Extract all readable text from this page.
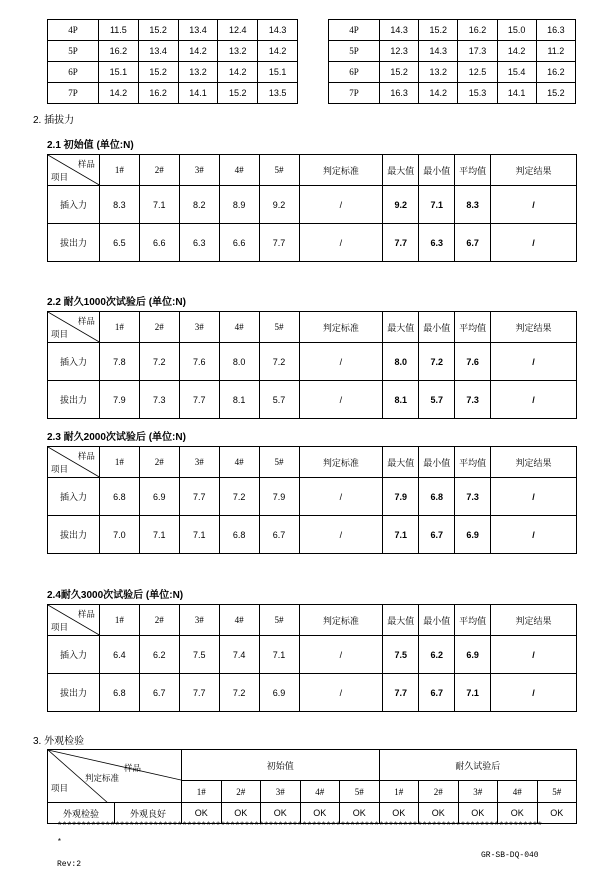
4P	11.5	15.2	13.4	12.4	14.3
5P	16.2	13.4	14.2	13.2	14.2
6P	15.1	15.2	13.2	14.2	15.1
7P	14.2	16.2	14.1	15.2	13.5
4P	14.3	15.2	16.2	15.0	16.3
5P	12.3	14.3	17.3	14.2	11.2
6P	15.2	13.2	12.5	15.4	16.2
7P	16.3	14.2	15.3	14.1	15.2
2. 插拔力
2.1 初始值 (单位:N)
样品
项目	1#	2#	3#	4#	5#	判定标准	最大值	最小值	平均值	判定结果
插入力	8.3	7.1	8.2	8.9	9.2	/	9.2	7.1	8.3	/
拔出力	6.5	6.6	6.3	6.6	7.7	/	7.7	6.3	6.7	/
2.2 耐久1000次试验后 (单位:N)
样品
项目	1#	2#	3#	4#	5#	判定标准	最大值	最小值	平均值	判定结果
插入力	7.8	7.2	7.6	8.0	7.2	/	8.0	7.2	7.6	/
拔出力	7.9	7.3	7.7	8.1	5.7	/	8.1	5.7	7.3	/
2.3 耐久2000次试验后 (单位:N)
样品
项目	1#	2#	3#	4#	5#	判定标准	最大值	最小值	平均值	判定结果
插入力	6.8	6.9	7.7	7.2	7.9	/	7.9	6.8	7.3	/
拔出力	7.0	7.1	7.1	6.8	6.7	/	7.1	6.7	6.9	/
2.4耐久3000次试验后 (单位:N)
样品
项目	1#	2#	3#	4#	5#	判定标准	最大值	最小值	平均值	判定结果
插入力	6.4	6.2	7.5	7.4	7.1	/	7.5	6.2	6.9	/
拔出力	6.8	6.7	7.7	7.2	6.9	/	7.7	6.7	7.1	/
3. 外观检验
样品
判定标准
项目		初始值					耐久试验后				
		1#	2#	3#	4#	5#	1#	2#	3#	4#	5#
外观检验	外观良好	OK	OK	OK	OK	OK	OK	OK	OK	OK	OK
*****************************************************************************************************
*
Rev:2
GR-SB-DQ-040
